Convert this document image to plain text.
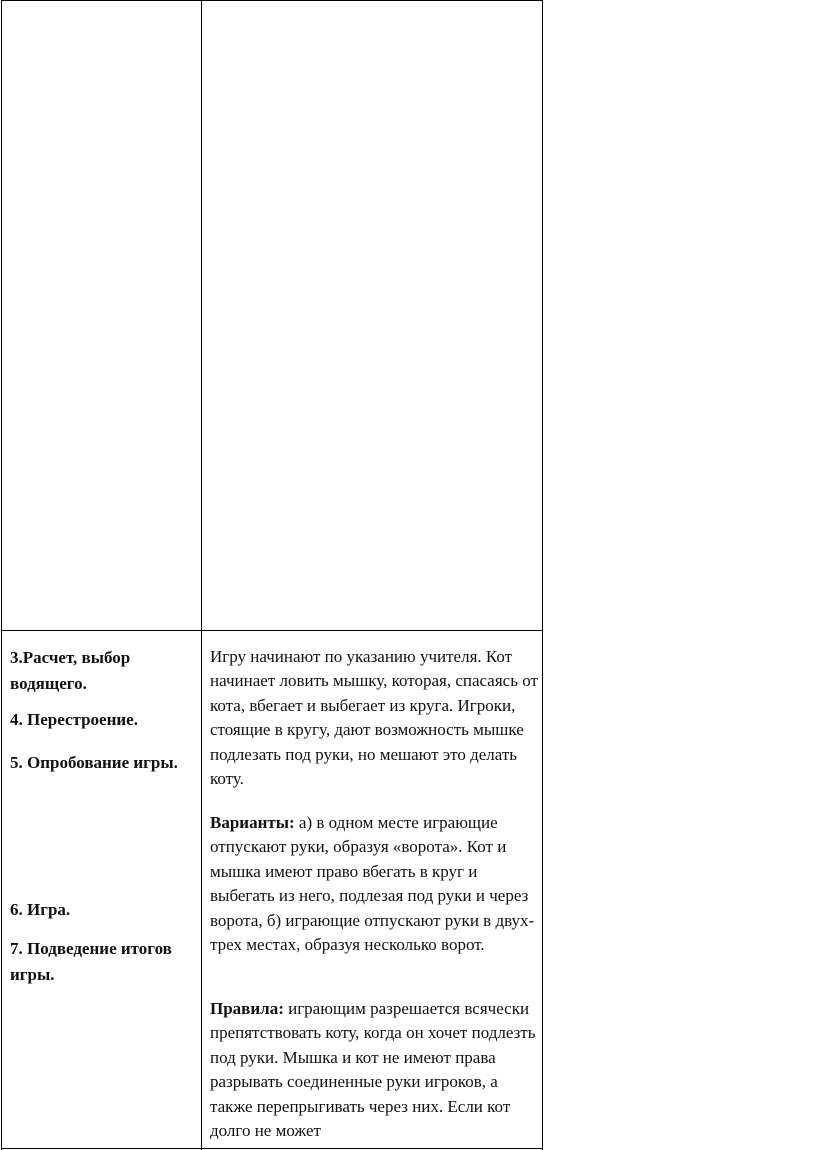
3.Расчет, выбор водящего.

4. Перестроение.

5. Опробование игры.

6. Игра.

7. Подведение итогов игры.

Игру начинают по указанию учителя. Кот начинает ловить мышку, которая, спасаясь от кота, вбегает и выбегает из круга. Игроки, стоящие в кругу, дают возможность мышке подлезать под руки, но мешают это делать коту.

Варианты: а) в одном месте играющие отпускают руки, образуя «ворота». Кот и мышка имеют право вбегать в круг и выбегать из него, подлезая под руки и через ворота, б) играющие отпускают руки в двух-трех местах, образуя несколько ворот.

Правила: играющим разрешается всячески препятствовать коту, когда он хочет подлезть под руки. Мышка и кот не имеют права разрывать соединенные руки игроков, а также перепрыгивать через них. Если кот долго не может
